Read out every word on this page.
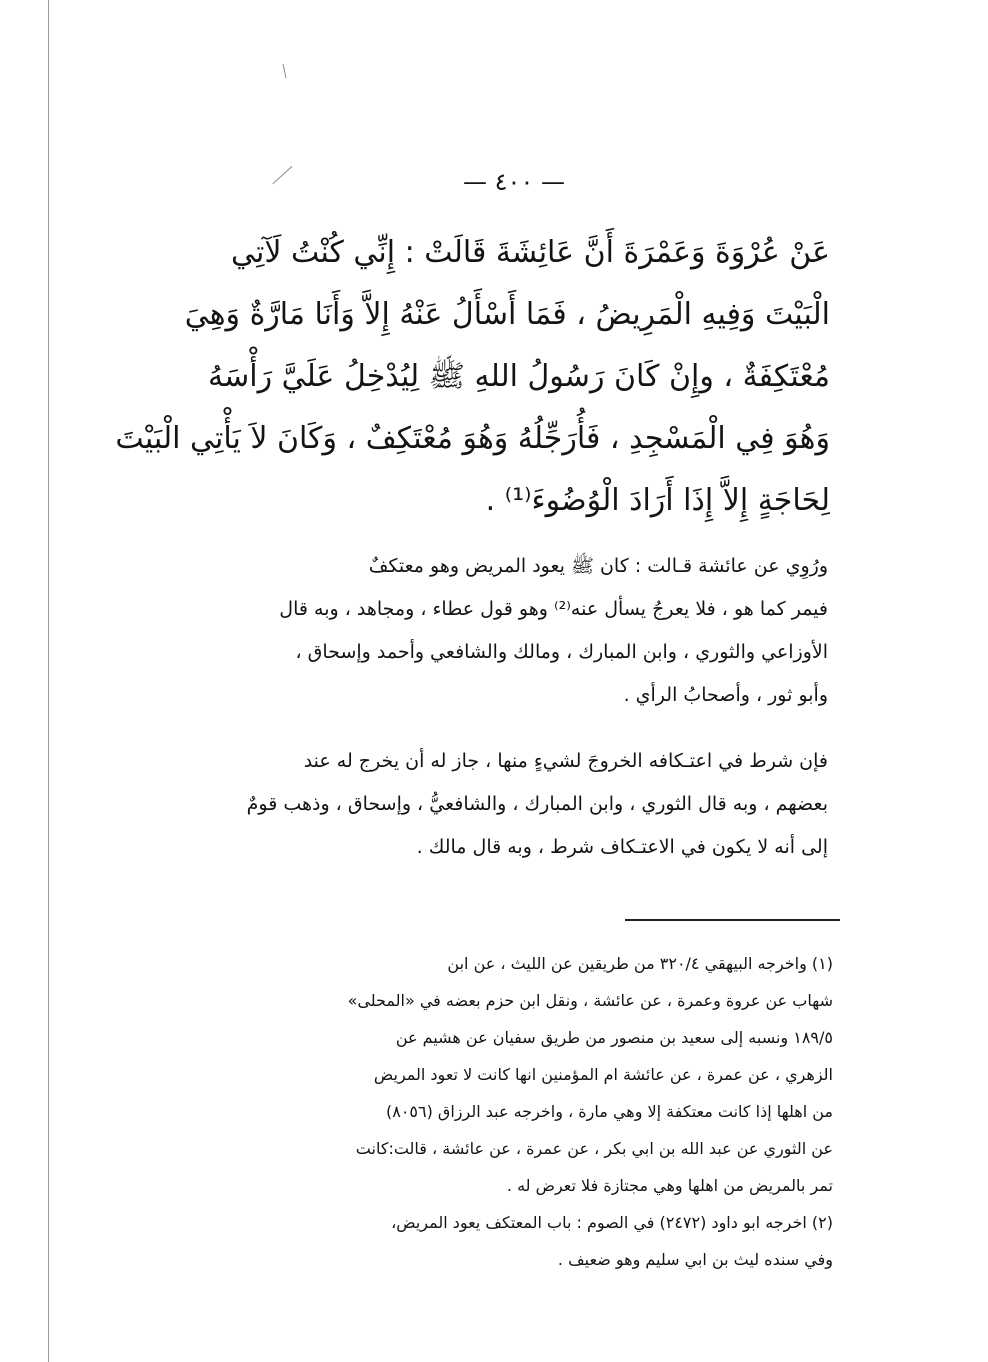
— ٤٠٠ —
عَنْ عُرْوَةَ وَعَمْرَةَ أَنَّ عَائِشَةَ قَالَتْ : إِنِّي كُنْتُ لَآتِي
الْبَيْتَ وَفِيهِ الْمَرِيضُ ، فَمَا أَسْأَلُ عَنْهُ إِلاَّ وَأَنَا مَارَّةٌ وَهِيَ
مُعْتَكِفَةٌ ، وإِنْ كَانَ رَسُولُ اللهِ ﷺ لِيُدْخِلُ عَلَيَّ رَأْسَهُ
وَهُوَ فِي الْمَسْجِدِ ، فَأُرَجِّلُهُ وَهُوَ مُعْتَكِفٌ ، وَكَانَ لاَ يَأْتِي الْبَيْتَ
لِحَاجَةٍ إِلاَّ إِذَا أَرَادَ الْوُضُوءَ⁽¹⁾ .
ورُوِي عن عائشة قـالت : كان ﷺ يعود المريض وهو معتكفٌ
فيمر كما هو ، فلا يعرجُ يسأل عنه⁽²⁾ وهو قول عطاء ، ومجاهد ، وبه قال
الأوزاعي والثوري ، وابن المبارك ، ومالك والشافعي وأحمد وإسحاق ،
وأبو ثور ، وأصحابُ الرأي .
فإن شرط في اعتـكافه الخروجَ لشيءٍ منها ، جاز له أن يخرج له عند
بعضهم ، وبه قال الثوري ، وابن المبارك ، والشافعيُّ ، وإسحاق ، وذهب قومٌ
إلى أنه لا يكون في الاعتـكاف شرط ، وبه قال مالك .
(١) واخرجه البيهقي ٣٢٠/٤ من طريقين عن الليث ، عن ابن
شهاب عن عروة وعمرة ، عن عائشة ، ونقل ابن حزم بعضه في «المحلى»
١٨٩/٥ ونسبه إلى سعيد بن منصور من طريق سفيان عن هشيم عن
الزهري ، عن عمرة ، عن عائشة ام المؤمنين انها كانت لا تعود المريض
من اهلها إذا كانت معتكفة إلا وهي مارة ، واخرجه عبد الرزاق (٨٠٥٦)
عن الثوري عن عبد الله بن ابي بكر ، عن عمرة ، عن عائشة ، قالت:كانت
تمر بالمريض من اهلها وهي مجتازة فلا تعرض له .
(٢) اخرجه ابو داود (٢٤٧٢) في الصوم : باب المعتكف يعود المريض،
وفي سنده ليث بن ابي سليم وهو ضعيف .
